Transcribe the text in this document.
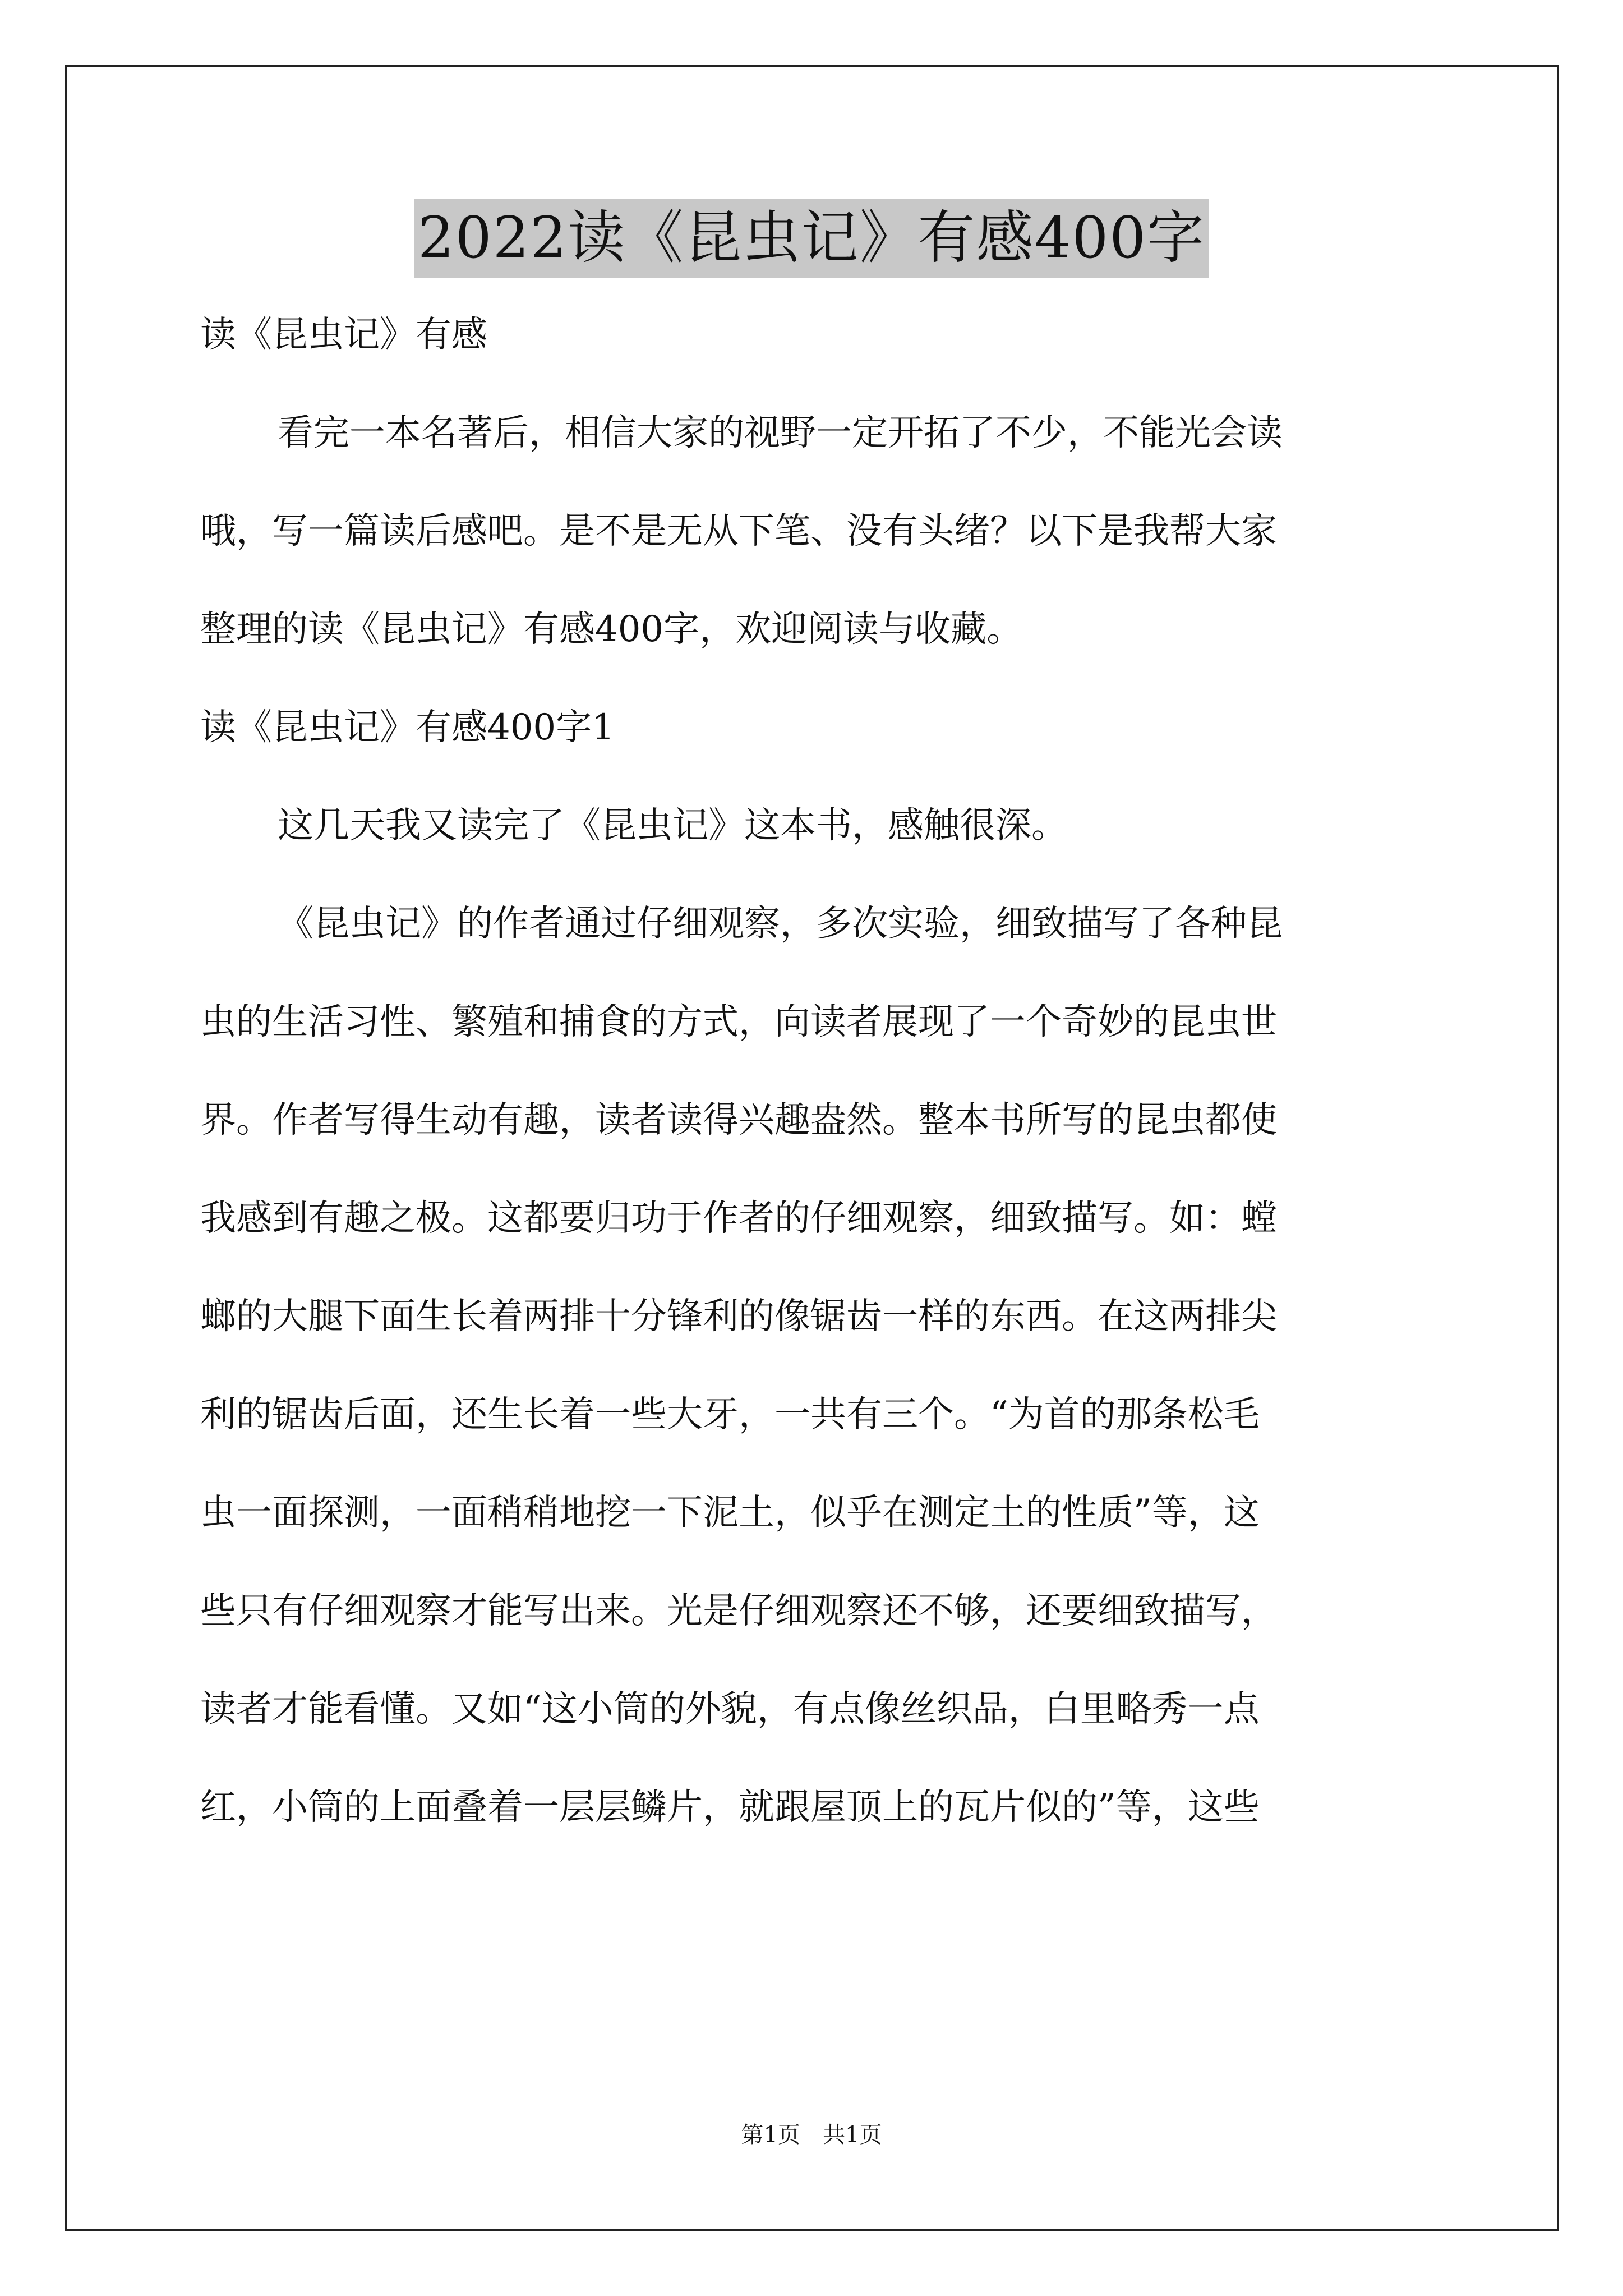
2022读《昆虫记》有感400字
读《昆虫记》有感
看完一本名著后，相信大家的视野一定开拓了不少，不能光会读
哦，写一篇读后感吧。是不是无从下笔、没有头绪？以下是我帮大家
整理的读《昆虫记》有感400字，欢迎阅读与收藏。
读《昆虫记》有感400字1
这几天我又读完了《昆虫记》这本书，感触很深。
《昆虫记》的作者通过仔细观察，多次实验，细致描写了各种昆
虫的生活习性、繁殖和捕食的方式，向读者展现了一个奇妙的昆虫世
界。作者写得生动有趣，读者读得兴趣盎然。整本书所写的昆虫都使
我感到有趣之极。这都要归功于作者的仔细观察，细致描写。如：螳
螂的大腿下面生长着两排十分锋利的像锯齿一样的东西。在这两排尖
利的锯齿后面，还生长着一些大牙，一共有三个。“为首的那条松毛
虫一面探测，一面稍稍地挖一下泥土，似乎在测定土的性质”等，这
些只有仔细观察才能写出来。光是仔细观察还不够，还要细致描写，
读者才能看懂。又如“这小筒的外貌，有点像丝织品，白里略秀一点
红，小筒的上面叠着一层层鳞片，就跟屋顶上的瓦片似的”等，这些
第1页　共1页
